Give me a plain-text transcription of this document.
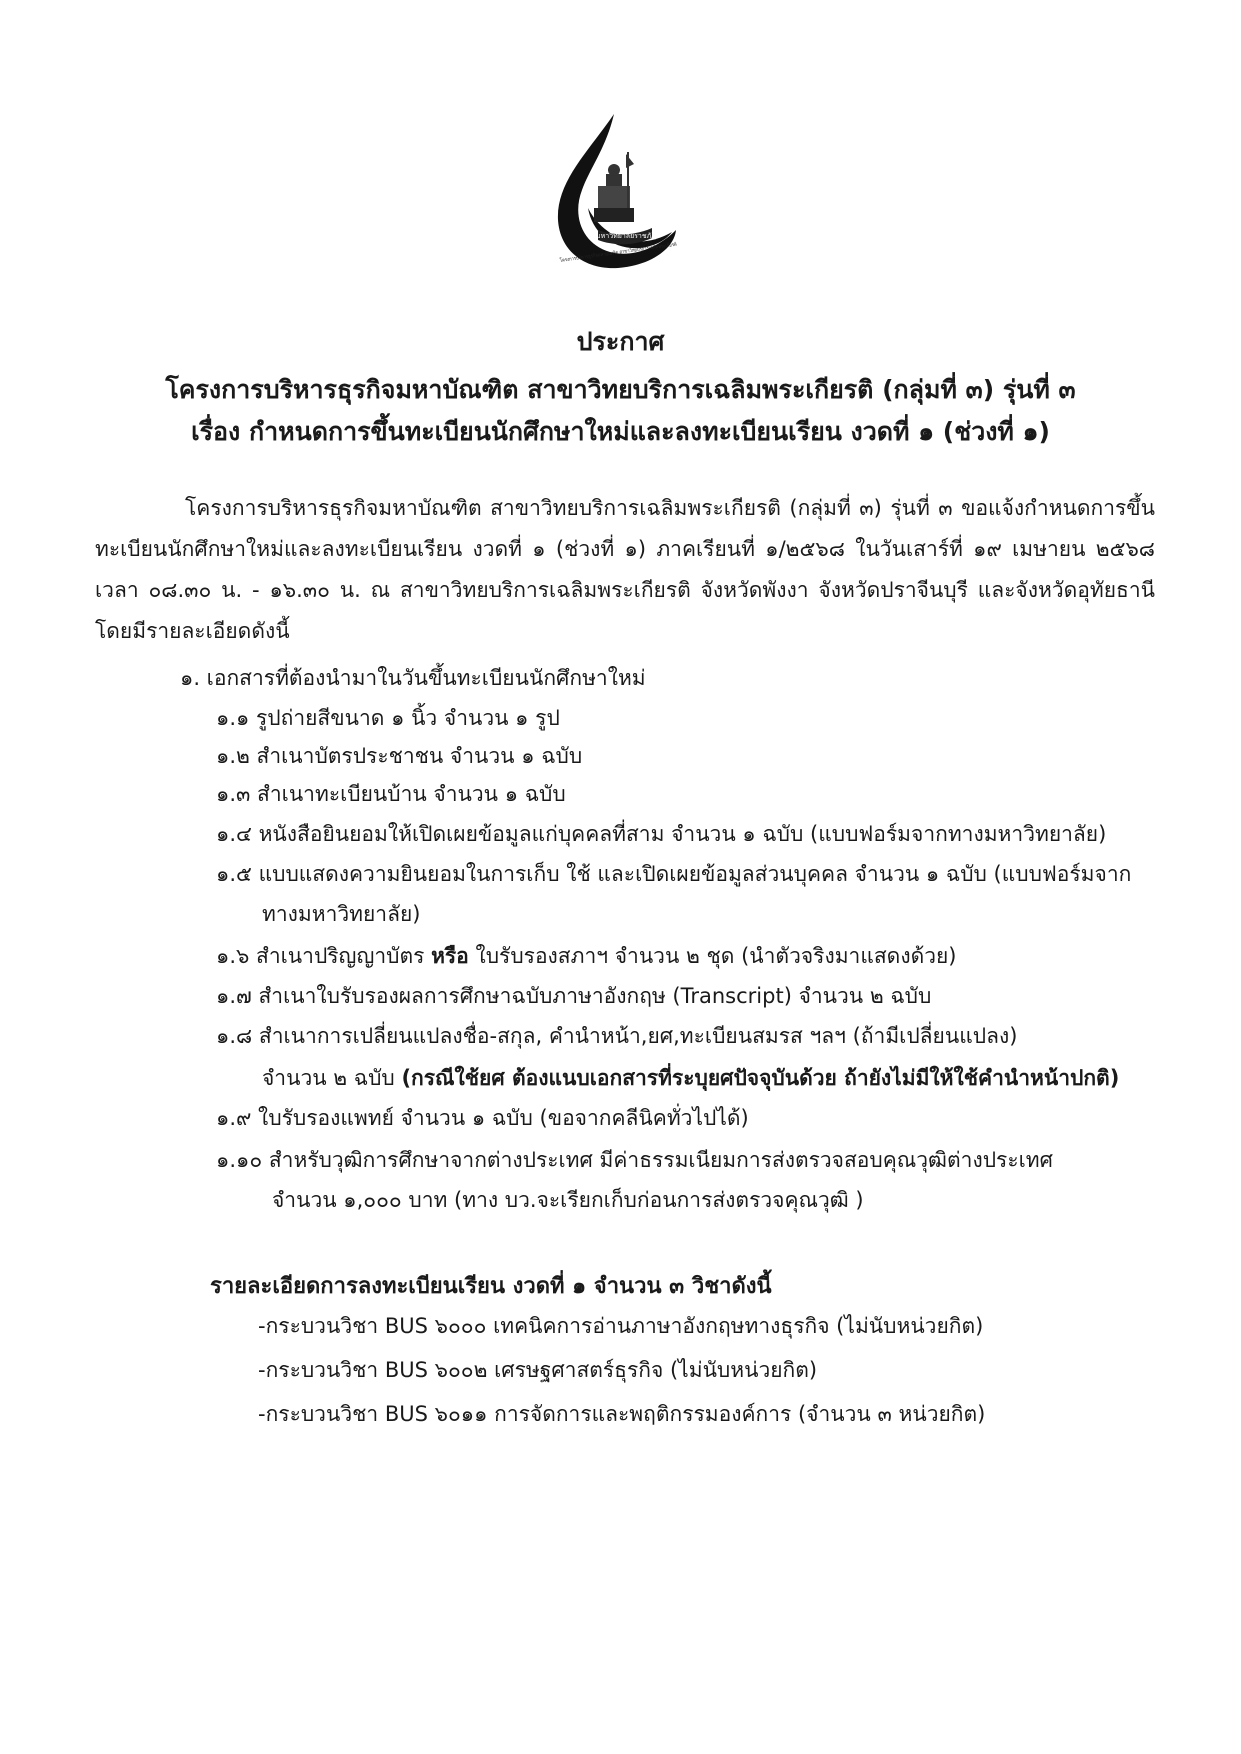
มหาวิทยาลัยราชภัฏ
โครงการบริหารธุรกิจมหาบัณฑิต สาขาวิทยบริการเฉลิมพระเกียรติ
ประกาศ
โครงการบริหารธุรกิจมหาบัณฑิต สาขาวิทยบริการเฉลิมพระเกียรติ (กลุ่มที่ ๓) รุ่นที่ ๓
เรื่อง กำหนดการขึ้นทะเบียนนักศึกษาใหม่และลงทะเบียนเรียน งวดที่ ๑ (ช่วงที่ ๑)
โครงการบริหารธุรกิจมหาบัณฑิต สาขาวิทยบริการเฉลิมพระเกียรติ (กลุ่มที่ ๓) รุ่นที่ ๓ ขอแจ้งกำหนดการขึ้นทะเบียนนักศึกษาใหม่และลงทะเบียนเรียน งวดที่ ๑ (ช่วงที่ ๑) ภาคเรียนที่ ๑/๒๕๖๘ ในวันเสาร์ที่ ๑๙ เมษายน ๒๕๖๘ เวลา ๐๘.๓๐ น. - ๑๖.๓๐ น. ณ สาขาวิทยบริการเฉลิมพระเกียรติ จังหวัดพังงา จังหวัดปราจีนบุรี และจังหวัดอุทัยธานี โดยมีรายละเอียดดังนี้
๑. เอกสารที่ต้องนำมาในวันขึ้นทะเบียนนักศึกษาใหม่
๑.๑ รูปถ่ายสีขนาด ๑ นิ้ว จำนวน ๑ รูป
๑.๒ สำเนาบัตรประชาชน จำนวน ๑ ฉบับ
๑.๓ สำเนาทะเบียนบ้าน จำนวน ๑ ฉบับ
๑.๔ หนังสือยินยอมให้เปิดเผยข้อมูลแก่บุคคลที่สาม จำนวน ๑ ฉบับ (แบบฟอร์มจากทางมหาวิทยาลัย)
๑.๕ แบบแสดงความยินยอมในการเก็บ ใช้ และเปิดเผยข้อมูลส่วนบุคคล จำนวน ๑ ฉบับ (แบบฟอร์มจาก
ทางมหาวิทยาลัย)
๑.๖ สำเนาปริญญาบัตร หรือ ใบรับรองสภาฯ จำนวน ๒ ชุด (นำตัวจริงมาแสดงด้วย)
๑.๗ สำเนาใบรับรองผลการศึกษาฉบับภาษาอังกฤษ (Transcript) จำนวน ๒ ฉบับ
๑.๘ สำเนาการเปลี่ยนแปลงชื่อ-สกุล, คำนำหน้า,ยศ,ทะเบียนสมรส ฯลฯ (ถ้ามีเปลี่ยนแปลง)
จำนวน ๒ ฉบับ (กรณีใช้ยศ ต้องแนบเอกสารที่ระบุยศปัจจุบันด้วย ถ้ายังไม่มีให้ใช้คำนำหน้าปกติ)
๑.๙ ใบรับรองแพทย์ จำนวน ๑ ฉบับ (ขอจากคลีนิคทั่วไปได้)
๑.๑๐ สำหรับวุฒิการศึกษาจากต่างประเทศ มีค่าธรรมเนียมการส่งตรวจสอบคุณวุฒิต่างประเทศ
จำนวน ๑,๐๐๐ บาท (ทาง บว.จะเรียกเก็บก่อนการส่งตรวจคุณวุฒิ )
รายละเอียดการลงทะเบียนเรียน งวดที่ ๑ จำนวน ๓ วิชาดังนี้
-กระบวนวิชา BUS ๖๐๐๐ เทคนิคการอ่านภาษาอังกฤษทางธุรกิจ (ไม่นับหน่วยกิต)
-กระบวนวิชา BUS ๖๐๐๒ เศรษฐศาสตร์ธุรกิจ (ไม่นับหน่วยกิต)
-กระบวนวิชา BUS ๖๐๑๑ การจัดการและพฤติกรรมองค์การ (จำนวน ๓ หน่วยกิต)
